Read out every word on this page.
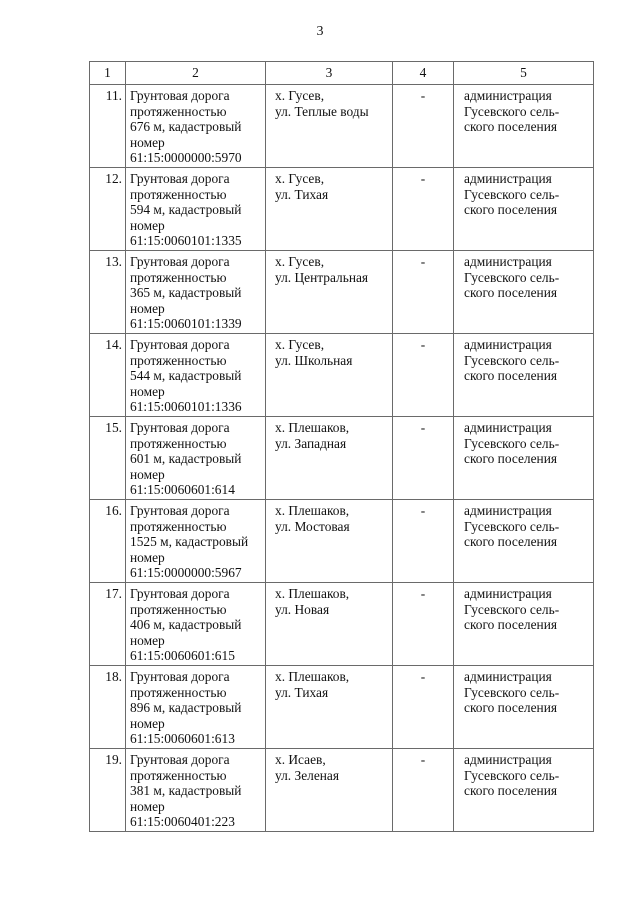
3
1	2	3	4	5
11.	Грунтовая дорога
протяженностью
676 м, кадастровый
номер
61:15:0000000:5970	х. Гусев,
ул. Теплые воды	-	администрация
Гусевского сель-
ского поселения

12.	Грунтовая дорога
протяженностью
594 м, кадастровый
номер
61:15:0060101:1335	х. Гусев,
ул. Тихая	-	администрация
Гусевского сель-
ского поселения

13.	Грунтовая дорога
протяженностью
365 м, кадастровый
номер
61:15:0060101:1339	х. Гусев,
ул. Центральная	-	администрация
Гусевского сель-
ского поселения

14.	Грунтовая дорога
протяженностью
544 м, кадастровый
номер
61:15:0060101:1336	х. Гусев,
ул. Школьная	-	администрация
Гусевского сель-
ского поселения

15.	Грунтовая дорога
протяженностью
601 м, кадастровый
номер
61:15:0060601:614	х. Плешаков,
ул. Западная	-	администрация
Гусевского сель-
ского поселения

16.	Грунтовая дорога
протяженностью
1525 м, кадастровый
номер
61:15:0000000:5967	х. Плешаков,
ул. Мостовая	-	администрация
Гусевского сель-
ского поселения

17.	Грунтовая дорога
протяженностью
406 м, кадастровый
номер
61:15:0060601:615	х. Плешаков,
ул. Новая	-	администрация
Гусевского сель-
ского поселения

18.	Грунтовая дорога
протяженностью
896 м, кадастровый
номер
61:15:0060601:613	х. Плешаков,
ул. Тихая	-	администрация
Гусевского сель-
ского поселения

19.	Грунтовая дорога
протяженностью
381 м, кадастровый
номер
61:15:0060401:223	х. Исаев,
ул. Зеленая	-	администрация
Гусевского сель-
ского поселения
